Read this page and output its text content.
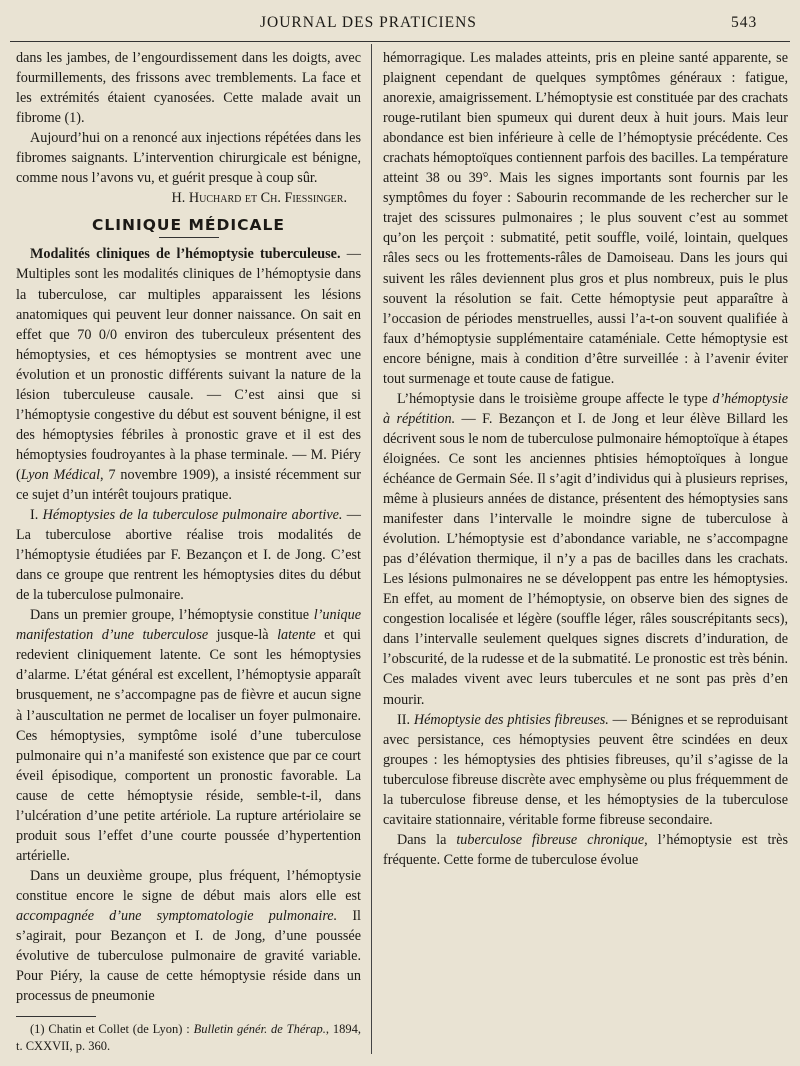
JOURNAL DES PRATICIENS	543

dans les jambes, de l’engourdissement dans les doigts, avec fourmillements, des frissons avec tremblements. La face et les extrémités étaient cyanosées. Cette malade avait un fibrome (1).

Aujourd’hui on a renoncé aux injections répétées dans les fibromes saignants. L’intervention chirurgicale est bénigne, comme nous l’avons vu, et guérit presque à coup sûr.

H. Huchard et Ch. Fiessinger.

CLINIQUE MÉDICALE

Modalités cliniques de l’hémoptysie tuberculeuse. — Multiples sont les modalités cliniques de l’hémoptysie dans la tuberculose, car multiples apparaissent les lésions anatomiques qui peuvent leur donner naissance. On sait en effet que 70 0/0 environ des tuberculeux présentent des hémoptysies, et ces hémoptysies se montrent avec une évolution et un pronostic différents suivant la nature de la lésion tuberculeuse causale. — C’est ainsi que si l’hémoptysie congestive du début est souvent bénigne, il est des hémoptysies fébriles à pronostic grave et il est des hémoptysies foudroyantes à la phase terminale. — M. Piéry (Lyon Médical, 7 novembre 1909), a insisté récemment sur ce sujet d’un intérêt toujours pratique.

I. Hémoptysies de la tuberculose pulmonaire abortive. — La tuberculose abortive réalise trois modalités de l’hémoptysie étudiées par F. Bezançon et I. de Jong. C’est dans ce groupe que rentrent les hémoptysies dites du début de la tuberculose pulmonaire.

Dans un premier groupe, l’hémoptysie constitue l’unique manifestation d’une tuberculose jusque-là latente et qui redevient cliniquement latente. Ce sont les hémoptysies d’alarme. L’état général est excellent, l’hémoptysie apparaît brusquement, ne s’accompagne pas de fièvre et aucun signe à l’auscultation ne permet de localiser un foyer pulmonaire. Ces hémoptysies, symptôme isolé d’une tuberculose pulmonaire qui n’a manifesté son existence que par ce court éveil épisodique, comportent un pronostic favorable. La cause de cette hémoptysie réside, semble-t-il, dans l’ulcération d’une petite artériole. La rupture artériolaire se produit sous l’effet d’une courte poussée d’hypertention artérielle.

Dans un deuxième groupe, plus fréquent, l’hémoptysie constitue encore le signe de début mais alors elle est accompagnée d’une symptomatologie pulmonaire. Il s’agirait, pour Bezançon et I. de Jong, d’une poussée évolutive de tuberculose pulmonaire de gravité variable. Pour Piéry, la cause de cette hémoptysie réside dans un processus de pneumonie

(1) Chatin et Collet (de Lyon) : Bulletin génér. de Thérap., 1894, t. CXXVII, p. 360.

hémorragique. Les malades atteints, pris en pleine santé apparente, se plaignent cependant de quelques symptômes généraux : fatigue, anorexie, amaigrissement. L’hémoptysie est constituée par des crachats rouge-rutilant bien spumeux qui durent deux à huit jours. Mais leur abondance est bien inférieure à celle de l’hémoptysie précédente. Ces crachats hémoptoïques contiennent parfois des bacilles. La température atteint 38 ou 39°. Mais les signes importants sont fournis par les symptômes du foyer : Sabourin recommande de les rechercher sur le trajet des scissures pulmonaires ; le plus souvent c’est au sommet qu’on les perçoit : submatité, petit souffle, voilé, lointain, quelques râles secs ou les frottements-râles de Damoiseau. Dans les jours qui suivent les râles deviennent plus gros et plus nombreux, puis le plus souvent la résolution se fait. Cette hémoptysie peut apparaître à l’occasion de périodes menstruelles, aussi l’a-t-on souvent qualifiée à faux d’hémoptysie supplémentaire cataméniale. Cette hémoptysie est encore bénigne, mais à condition d’être surveillée : à l’avenir éviter tout surmenage et toute cause de fatigue.

L’hémoptysie dans le troisième groupe affecte le type d’hémoptysie à répétition. — F. Bezançon et I. de Jong et leur élève Billard les décrivent sous le nom de tuberculose pulmonaire hémoptoïque à étapes éloignées. Ce sont les anciennes phtisies hémoptoïques à longue échéance de Germain Sée. Il s’agit d’individus qui à plusieurs reprises, même à plusieurs années de distance, présentent des hémoptysies sans manifester dans l’intervalle le moindre signe de tuberculose à évolution. L’hémoptysie est d’abondance variable, ne s’accompagne pas d’élévation thermique, il n’y a pas de bacilles dans les crachats. Les lésions pulmonaires ne se développent pas entre les hémoptysies. En effet, au moment de l’hémoptysie, on observe bien des signes de congestion localisée et légère (souffle léger, râles souscrépitants secs), dans l’intervalle seulement quelques signes discrets d’induration, de l’obscurité, de la rudesse et de la submatité. Le pronostic est très bénin. Ces malades vivent avec leurs tubercules et ne sont pas près d’en mourir.

II. Hémoptysie des phtisies fibreuses. — Bénignes et se reproduisant avec persistance, ces hémoptysies peuvent être scindées en deux groupes : les hémoptysies des phtisies fibreuses, qu’il s’agisse de la tuberculose fibreuse discrète avec emphysème ou plus fréquemment de la tuberculose fibreuse dense, et les hémoptysies de la tuberculose cavitaire stationnaire, véritable forme fibreuse secondaire.

Dans la tuberculose fibreuse chronique, l’hémoptysie est très fréquente. Cette forme de tuberculose évolue
